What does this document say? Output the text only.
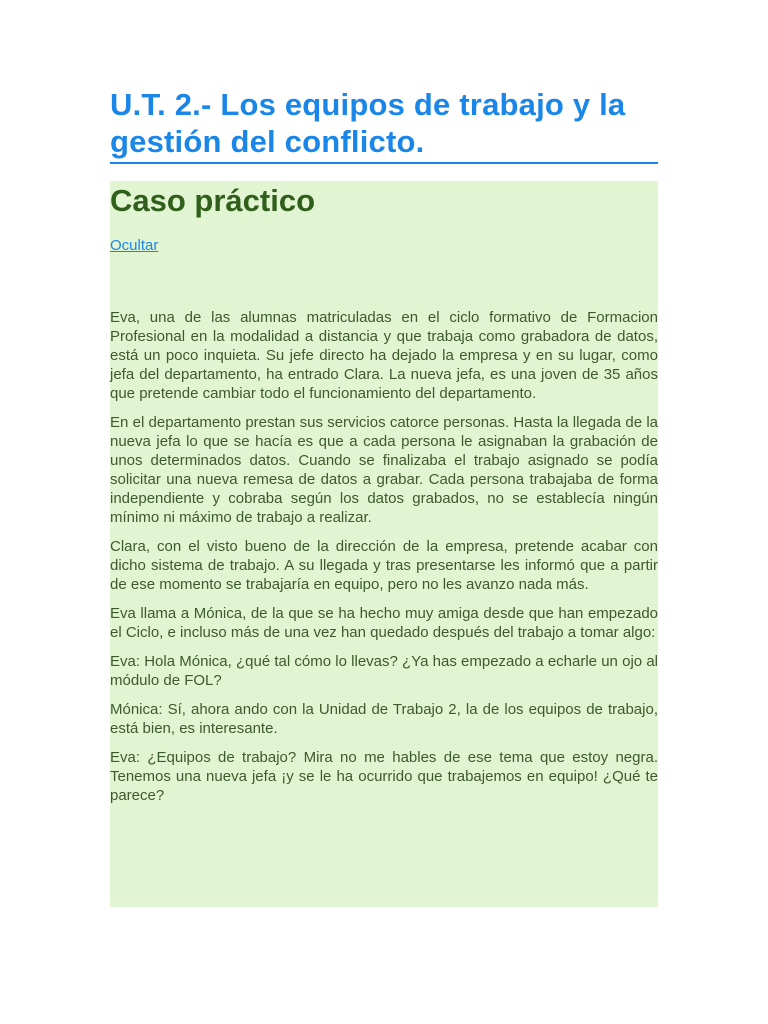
U.T. 2.- Los equipos de trabajo y la gestión del conflicto.
Caso práctico
Ocultar

Eva, una de las alumnas matriculadas en el ciclo formativo de Formacion Profesional en la modalidad a distancia y que trabaja como grabadora de datos, está un poco inquieta. Su jefe directo ha dejado la empresa y en su lugar, como jefa del departamento, ha entrado Clara. La nueva jefa, es una joven de 35 años que pretende cambiar todo el funcionamiento del departamento.

En el departamento prestan sus servicios catorce personas. Hasta la llegada de la nueva jefa lo que se hacía es que a cada persona le asignaban la grabación de unos determinados datos. Cuando se finalizaba el trabajo asignado se podía solicitar una nueva remesa de datos a grabar. Cada persona trabajaba de forma independiente y cobraba según los datos grabados, no se establecía ningún mínimo ni máximo de trabajo a realizar.

Clara, con el visto bueno de la dirección de la empresa, pretende acabar con dicho sistema de trabajo. A su llegada y tras presentarse les informó que a partir de ese momento se trabajaría en equipo, pero no les avanzo nada más.

Eva llama a Mónica, de la que se ha hecho muy amiga desde que han empezado el Ciclo, e incluso más de una vez han quedado después del trabajo a tomar algo:

Eva: Hola Mónica, ¿qué tal cómo lo llevas? ¿Ya has empezado a echarle un ojo al módulo de FOL?

Mónica: Sí, ahora ando con la Unidad de Trabajo 2, la de los equipos de trabajo, está bien, es interesante.

Eva: ¿Equipos de trabajo? Mira no me hables de ese tema que estoy negra. Tenemos una nueva jefa ¡y se le ha ocurrido que trabajemos en equipo! ¿Qué te parece?
